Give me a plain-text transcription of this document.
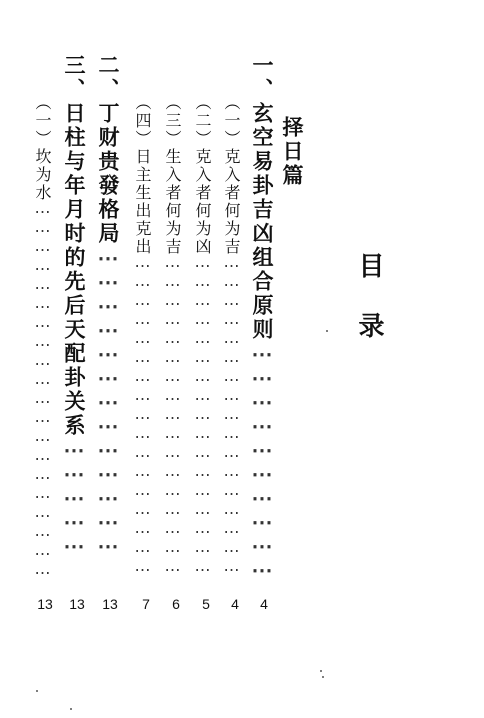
目录
择日篇
一、玄空易卦吉凶组合原则⋯⋯⋯⋯⋯⋯⋯⋯⋯⋯
4
（一）克入者何为吉⋯⋯⋯⋯⋯⋯⋯⋯⋯⋯⋯⋯⋯⋯⋯⋯⋯
4
（二）克入者何为凶⋯⋯⋯⋯⋯⋯⋯⋯⋯⋯⋯⋯⋯⋯⋯⋯⋯
5
（三）生入者何为吉⋯⋯⋯⋯⋯⋯⋯⋯⋯⋯⋯⋯⋯⋯⋯⋯⋯
6
（四）日主生出克出⋯⋯⋯⋯⋯⋯⋯⋯⋯⋯⋯⋯⋯⋯⋯⋯⋯
7
二、丁财贵發格局⋯⋯⋯⋯⋯⋯⋯⋯⋯⋯⋯⋯⋯
13
三、日柱与年月时的先后天配卦关系⋯⋯⋯⋯⋯
13
（一）坎为水⋯⋯⋯⋯⋯⋯⋯⋯⋯⋯⋯⋯⋯⋯⋯⋯⋯⋯⋯⋯
13
